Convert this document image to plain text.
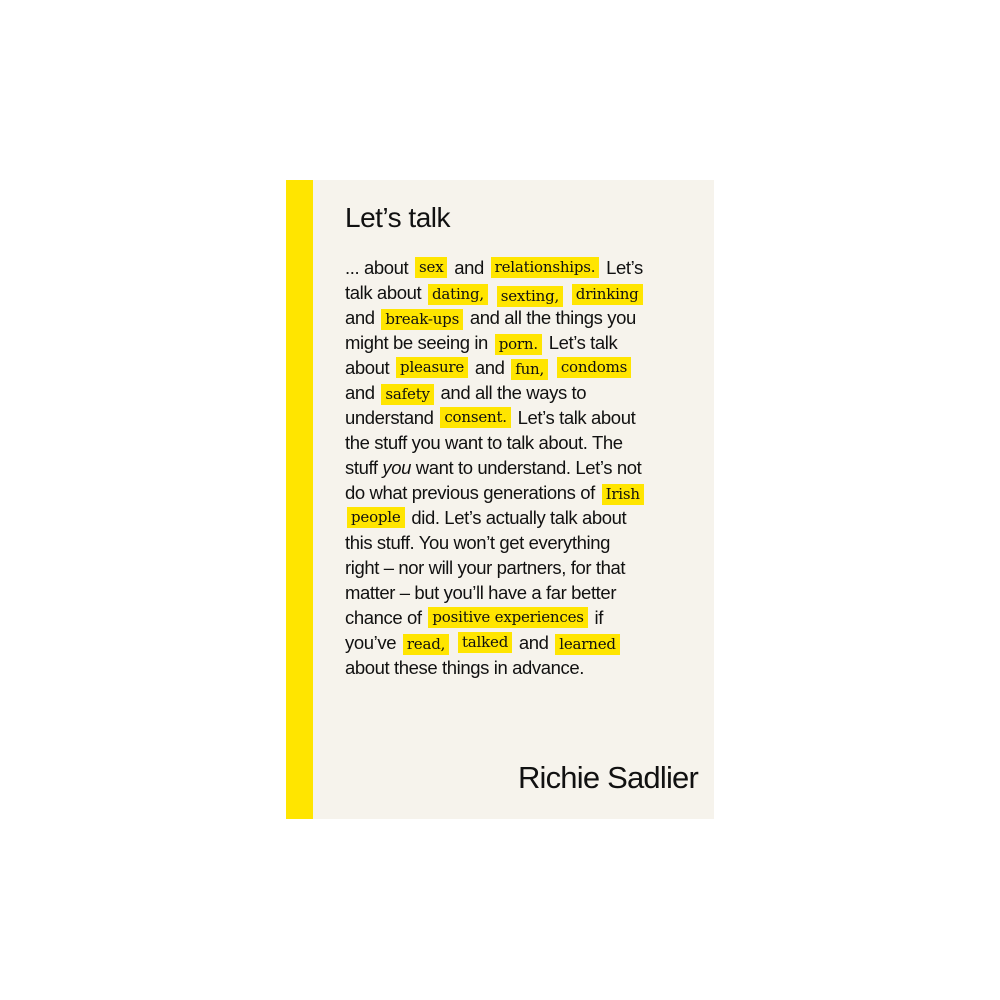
Let’s talk
... about sex and relationships. Let’s
talk about dating, sexting, drinking
and break-ups and all the things you
might be seeing in porn. Let’s talk
about pleasure and fun, condoms
and safety and all the ways to
understand consent. Let’s talk about
the stuff you want to talk about. The
stuff you want to understand. Let’s not
do what previous generations of Irish
people did. Let’s actually talk about
this stuff. You won’t get everything
right – nor will your partners, for that
matter – but you’ll have a far better
chance of positive experiences if
you’ve read, talked and learned
about these things in advance.
Richie Sadlier
